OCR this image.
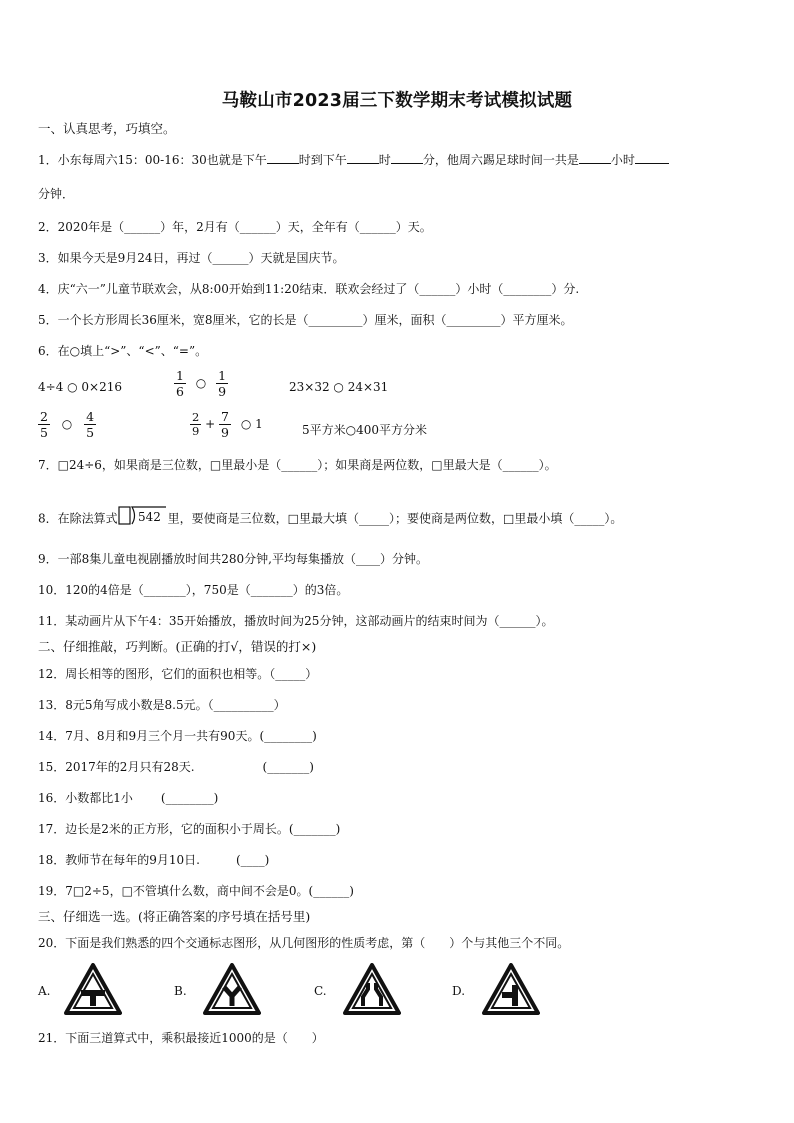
马鞍山市2023届三下数学期末考试模拟试题
一、认真思考，巧填空。
1．小东每周六15：00-16：30也就是下午	时到下午	时	分，他周六踢足球时间一共是	小时
分钟．
2．2020年是（______）年，2月有（______）天，全年有（______）天。
3．如果今天是9月24日，再过（______）天就是国庆节。
4．庆“六一”儿童节联欢会，从8:00开始到11:20结束．联欢会经过了（______）小时（________）分.
5．一个长方形周长36厘米，宽8厘米，它的长是（_________）厘米，面积（_________）平方厘米。
6．在○填上“>”、“<”、“=”。
4÷4 ○ 0×216	$\frac{1}{6}$ ○ $\frac{1}{9}$	23×32 ○ 24×31
$\frac{2}{5}$ ○ $\frac{4}{5}$	$\frac{2}{9} + \frac{7}{9}$ ○ 1	5平方米○400平方分米
7．□24÷6，如果商是三位数，□里最小是（______）；如果商是两位数，□里最大是（______）。
8．在除法算式 542 里，要使商是三位数，□里最大填（_____）；要使商是两位数，□里最小填（_____）。
9．一部8集儿童电视剧播放时间共280分钟,平均每集播放（____）分钟。
10．120的4倍是（_______），750是（_______）的3倍。
11．某动画片从下午4：35开始播放，播放时间为25分钟，这部动画片的结束时间为（______）。
二、仔细推敲，巧判断。(正确的打√，错误的打×)
12．周长相等的图形，它们的面积也相等。（_____）
13．8元5角写成小数是8.5元。（__________）
14．7月、8月和9月三个月一共有90天。(________)
15．2017年的2月只有28天.	(_______)
16．小数都比1小 (________)
17．边长是2米的正方形，它的面积小于周长。(_______)
18．教师节在每年的9月10日.	(____)
19．7□2÷5，□不管填什么数，商中间不会是0。(______)
三、仔细选一选。(将正确答案的序号填在括号里)
20．下面是我们熟悉的四个交通标志图形，从几何图形的性质考虑，第（　　）个与其他三个不同。
A.	B.	C.	D.
21．下面三道算式中，乘积最接近1000的是（　　）
